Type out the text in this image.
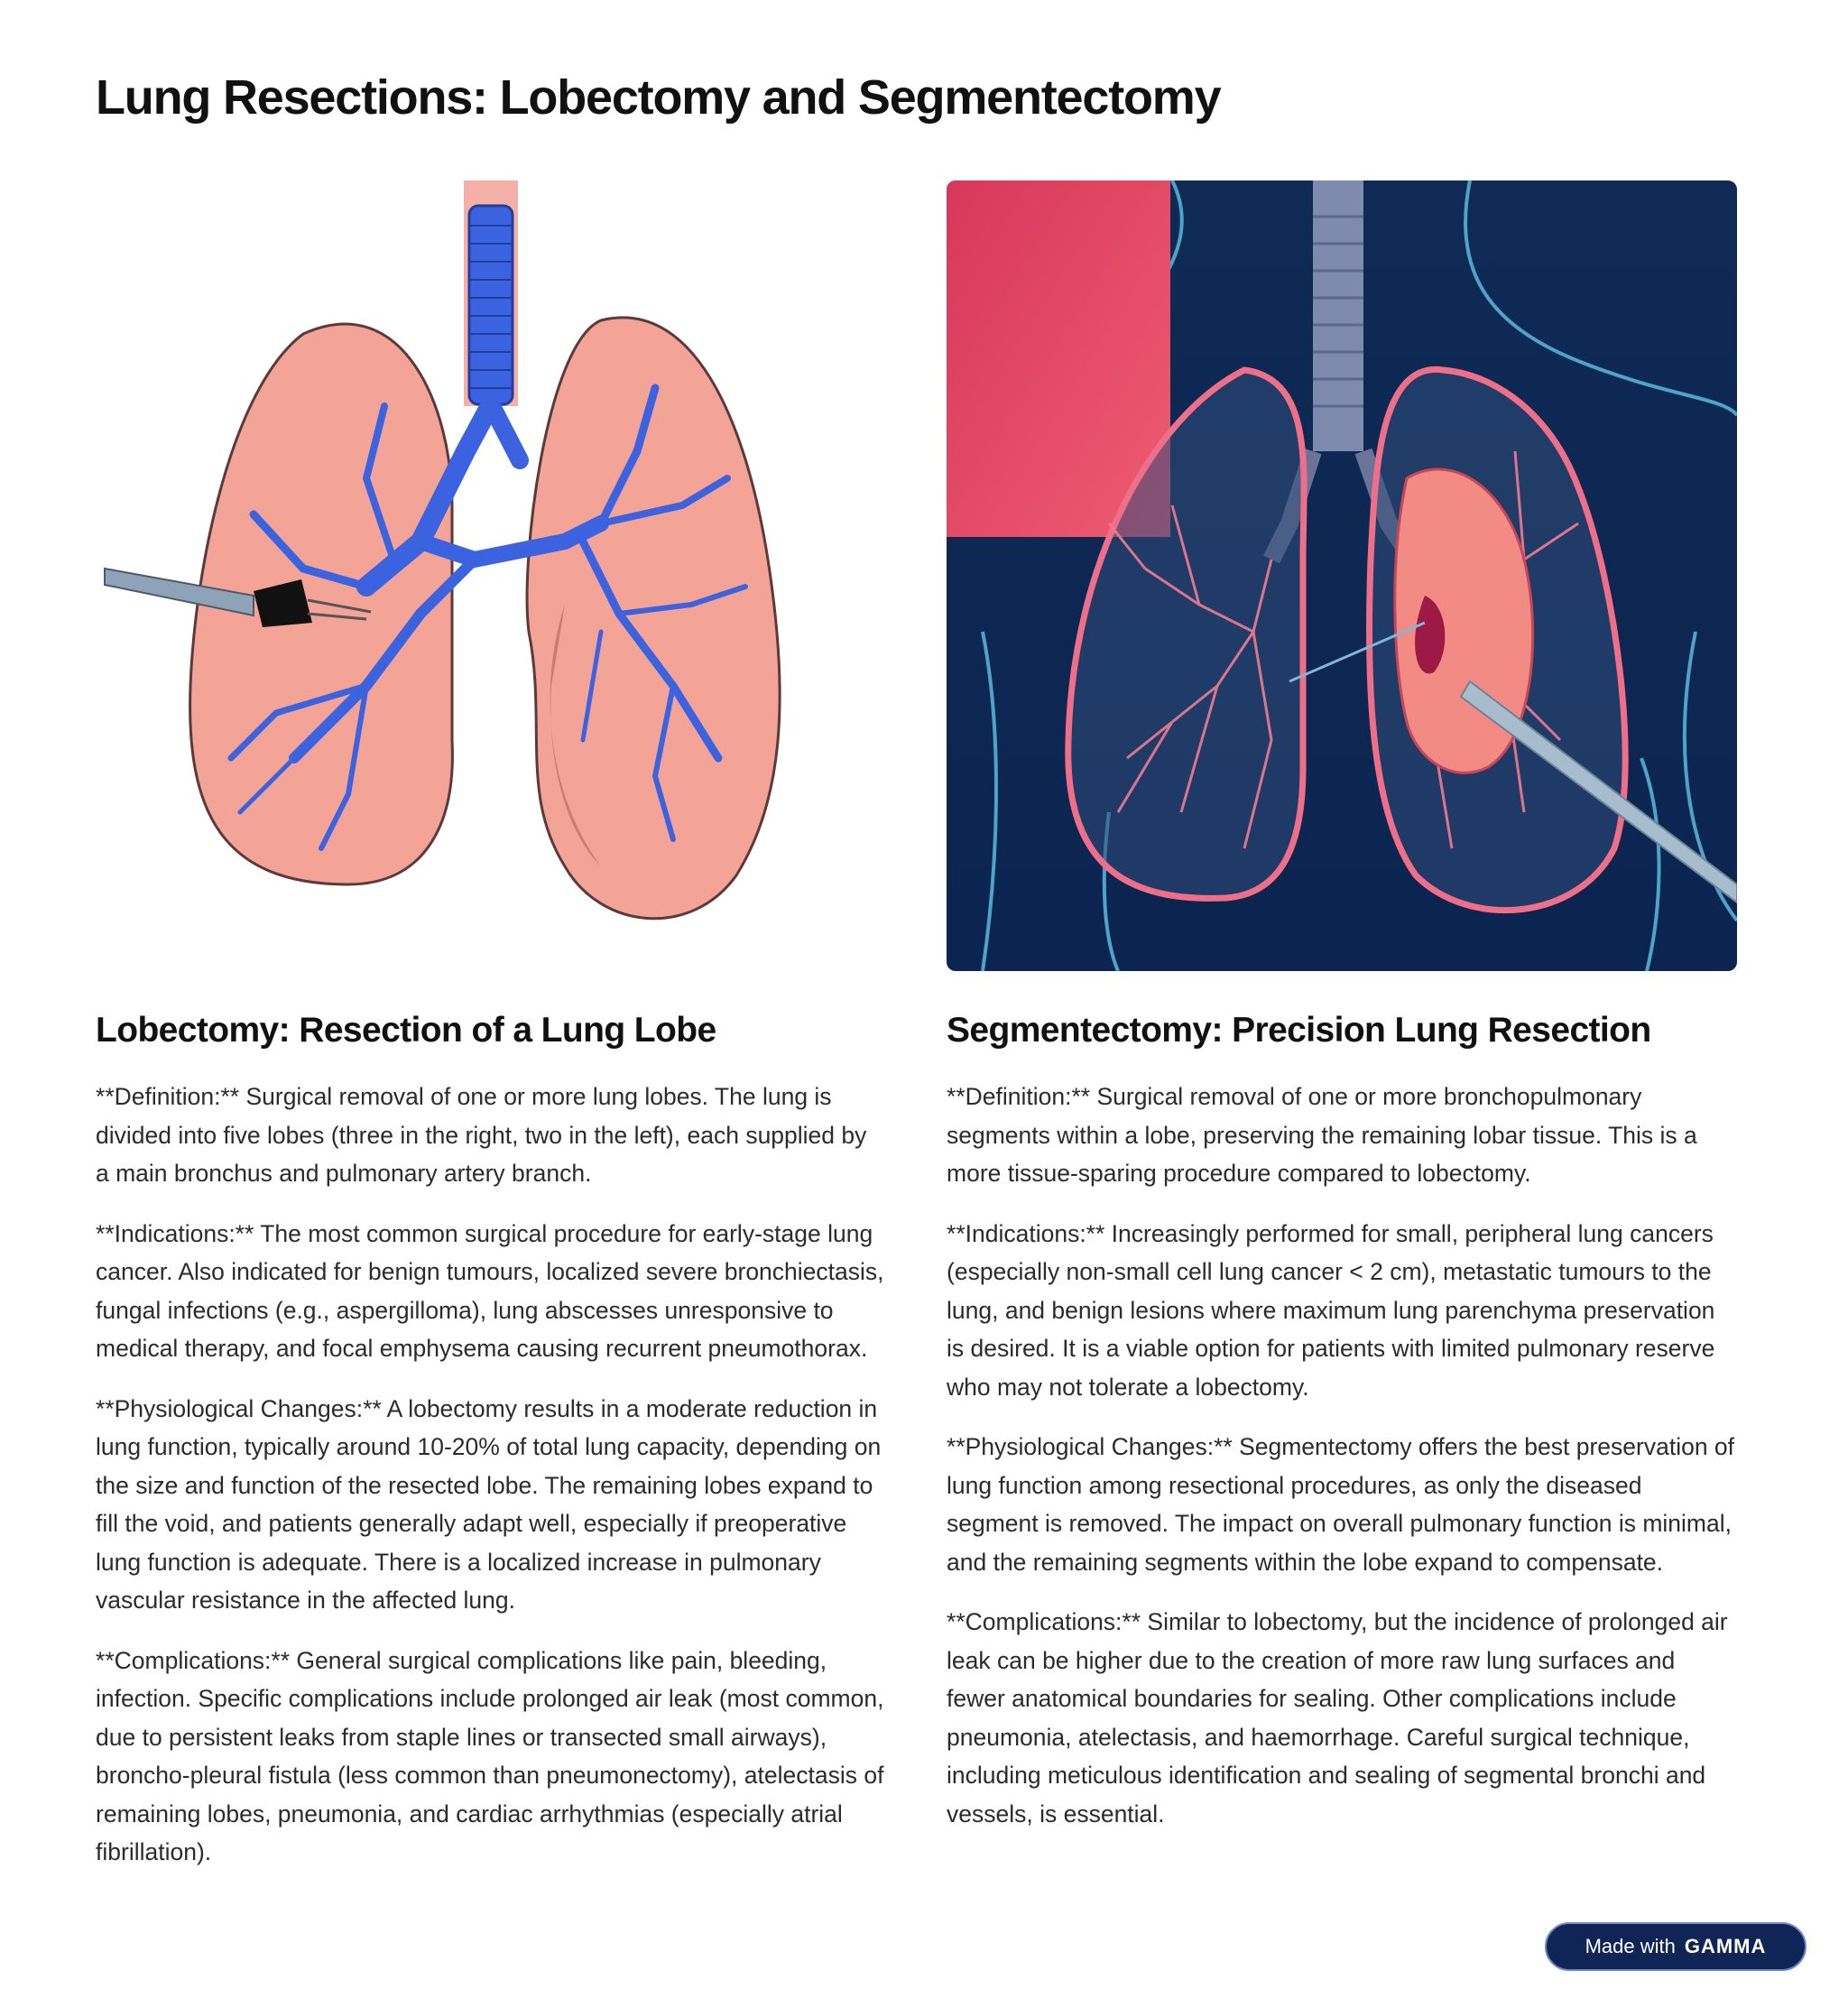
Lung Resections: Lobectomy and Segmentectomy
Lobectomy: Resection of a Lung Lobe

**Definition:** Surgical removal of one or more lung lobes. The lung is divided into five lobes (three in the right, two in the left), each supplied by a main bronchus and pulmonary artery branch.

**Indications:** The most common surgical procedure for early-stage lung cancer. Also indicated for benign tumours, localized severe bronchiectasis, fungal infections (e.g., aspergilloma), lung abscesses unresponsive to medical therapy, and focal emphysema causing recurrent pneumothorax.

**Physiological Changes:** A lobectomy results in a moderate reduction in lung function, typically around 10-20% of total lung capacity, depending on the size and function of the resected lobe. The remaining lobes expand to fill the void, and patients generally adapt well, especially if preoperative lung function is adequate. There is a localized increase in pulmonary vascular resistance in the affected lung.

**Complications:** General surgical complications like pain, bleeding, infection. Specific complications include prolonged air leak (most common, due to persistent leaks from staple lines or transected small airways), broncho-pleural fistula (less common than pneumonectomy), atelectasis of remaining lobes, pneumonia, and cardiac arrhythmias (especially atrial fibrillation).

Segmentectomy: Precision Lung Resection

**Definition:** Surgical removal of one or more bronchopulmonary segments within a lobe, preserving the remaining lobar tissue. This is a more tissue-sparing procedure compared to lobectomy.

**Indications:** Increasingly performed for small, peripheral lung cancers (especially non-small cell lung cancer < 2 cm), metastatic tumours to the lung, and benign lesions where maximum lung parenchyma preservation is desired. It is a viable option for patients with limited pulmonary reserve who may not tolerate a lobectomy.

**Physiological Changes:** Segmentectomy offers the best preservation of lung function among resectional procedures, as only the diseased segment is removed. The impact on overall pulmonary function is minimal, and the remaining segments within the lobe expand to compensate.

**Complications:** Similar to lobectomy, but the incidence of prolonged air leak can be higher due to the creation of more raw lung surfaces and fewer anatomical boundaries for sealing. Other complications include pneumonia, atelectasis, and haemorrhage. Careful surgical technique, including meticulous identification and sealing of segmental bronchi and vessels, is essential.

Made with GAMMA
